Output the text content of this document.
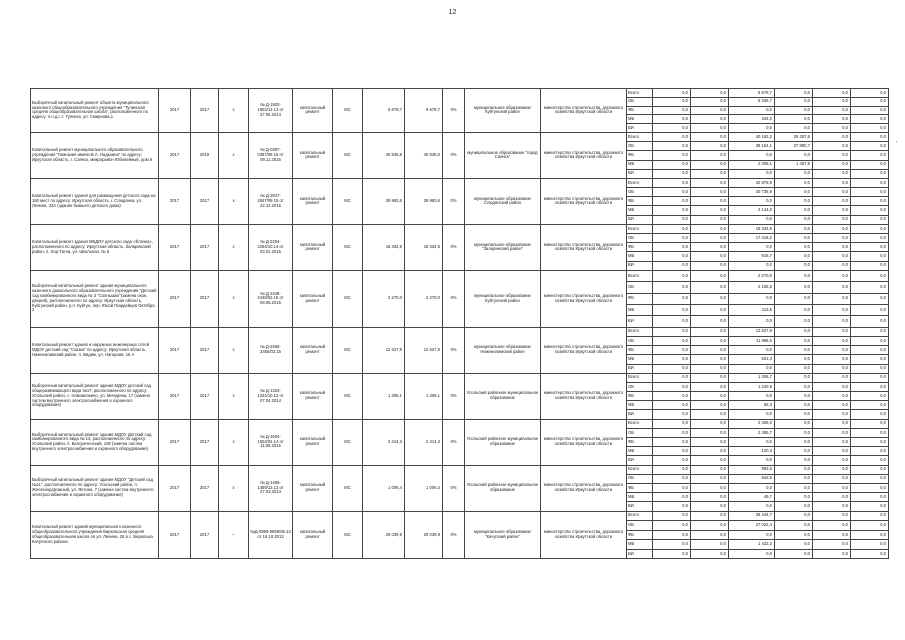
12
Выборочный капитальный ремонт объекта муниципального казенного общеобразовательного учреждения "Тулинская средняя общеобразовательная школа", расположенного по адресу: п.п.д.с.т. Тулинск, ул. Смирнова,1	2017	2017	х	№ Д-1903-1903/12.13 от 27.05.2014	капитальный ремонт	МС	6 679,7	6 679,7	0%	муниципальное образование Куйтунский район	министерство строительства, дорожного хозяйства Иркутской области	Всего	0,0	0,0	6 679,7	0,0	0,0	0,0
												ОБ	0,0	0,0	6 345,7	0,0	0,0	0,0
												ФБ	0,0	0,0	0,0	0,0	0,0	0,0
												МБ	0,0	0,0	334,0	0,0	0,0	0,0
												ВИ	0,0	0,0	0,0	0,0	0,0	0,0
Капитальный ремонт муниципального образовательного учреждения "Гимназия имени В.А. Надькина" по адресу: Иркутская область, г. Саянск, микрорайон Юбилейный, дом 6	2017	2018	х	№ Д-0387-0387/06.16 от 09.11.2016	капитальный ремонт	МС	40 845,8	40 845,0	0%	муниципальное образование "город Саянск"	министерство строительства, дорожного хозяйства Иркутской области	Всего	0,0	0,0	40 162,2	29 257,6	0,0	0,0
												ОБ	0,0	0,0	38 154,1	27 880,7	0,0	0,0
												ФБ	0,0	0,0	0,0	0,0	0,0	0,0
												МБ	0,0	0,0	2 008,1	1 467,9	0,0	0,0
												ВИ	0,0	0,0	0,0	0,0	0,0	0,0
Капитальный ремонт здания для размещения детского сада на 160 мест по адресу: Иркутская область, г. Слюдянка, ул. Ленина, 23А (здание бывшего детского дома)	2017	2017	х	№ Д-2847-2847/09.15 от 22.12.2015	капитальный ремонт	МС	39 983,6	39 983,6	0%	муниципальное образование Слюдянский район	министерство строительства, дорожного хозяйства Иркутской области	Всего	0,0	0,0	42 879,9	0,0	0,0	0,0
												ОБ	0,0	0,0	40 735,9	0,0	0,0	0,0
												ФБ	0,0	0,0	0,0	0,0	0,0	0,0
												МБ	0,0	0,0	2 144,0	0,0	0,0	0,0
												ВИ	0,0	0,0	0,0	0,0	0,0	0,0
Капитальный ремонт здания МБДОУ детского сада «Ёлочка», расположенного по адресу: Иркутская область, Заларинский район, п. Хор-Тагна, ул. Школьная, № 5	2017	2017	х	№ Д-2254-2254/10.14 от 03.02.2015	капитальный ремонт	МС	18 334,9	18 334,9	0%	муниципальное образование "Заларинский район"	министерство строительства, дорожного хозяйства Иркутской области	Всего	0,0	0,0	18 334,9	0,0	0,0	0,0
												ОБ	0,0	0,0	17 418,2	0,0	0,0	0,0
												ФБ	0,0	0,0	0,0	0,0	0,0	0,0
												МБ	0,0	0,0	916,7	0,0	0,0	0,0
												ВИ	0,0	0,0	0,0	0,0	0,0	0,0
Выборочный капитальный ремонт здания муниципального казенного дошкольного образовательного учреждения "Детский сад комбинированного вида № 3 "Солнышко"(замена окон, дверей), расположенного по адресу: Иркутская область, Куйтунский район, р.п. Куйтун, пер. Юной Гвардейцев Октября, 2	2017	2017	х	№ Д-2448-2448/02.15 от 09.06.2015	капитальный ремонт	МС	2 270,0	2 270,0	0%	муниципальное образование Куйтунский район	министерство строительства, дорожного хозяйства Иркутской области	Всего	0,0	0,0	2 270,0	0,0	0,0	0,0
												ОБ	0,0	0,0	2 156,5	0,0	0,0	0,0
												ФБ	0,0	0,0	0,0	0,0	0,0	0,0
												МБ	0,0	0,0	113,5	0,0	0,0	0,0
												ВИ	0,0	0,0	0,0	0,0	0,0	0,0
Капитальный ремонт здания и наружных инженерных сетей МДОУ детский сад "Сказка" по адресу: Иркутская область, Нижнеилимский район, п. Видим, ул. Нагорная, 15 А	2017	2017	х	№ Д-2465-2465/02.15	капитальный ремонт	МС	12 627,9	12 627,9	0%	муниципальное образование Нижнеилимский район	министерство строительства, дорожного хозяйства Иркутской области	Всего	0,0	0,0	12 627,9	0,0	0,0	0,0
												ОБ	0,0	0,0	11 996,5	0,0	0,0	0,0
												ФБ	0,0	0,0	0,0	0,0	0,0	0,0
												МБ	0,0	0,0	631,4	0,0	0,0	0,0
												ВИ	0,0	0,0	0,0	0,0	0,0	0,0
Выборочный капитальный ремонт здания МДОУ детский сад общеразвивающего вида №17, расположенного по адресу: Усольский район, с. Новожилкино, ул. Мичурина, 17 (замена систем внутреннего электроснабжения и охранного оборудования)	2017	2017	х	№ Д-1324-1324/10.13 от 07.04.2014	капитальный ремонт	МС	1 308,1	1 308,1	0%	Усольский районное муниципальное образование	министерство строительства, дорожного хозяйства Иркутской области	Всего	0,0	0,0	1 306,7	0,0	0,0	0,0
												ОБ	0,0	0,0	1 240,9	0,0	0,0	0,0
												ФБ	0,0	0,0	0,0	0,0	0,0	0,0
												МБ	0,0	0,0	65,3	0,0	0,0	0,0
												ВИ	0,0	0,0	0,0	0,0	0,0	0,0
Выборочный капитальный ремонт здания МДОУ Детский сад комбинированного вида № 13, расположенного по адресу: Усольский район, п. Белореченский, 108 (замена систем внутреннего электроснабжения и охранного оборудования)	2017	2017	х	№ Д-1604-1604/02.14 от 11.08.2015	капитальный ремонт	МС	2 414,3	2 414,3	0%	Усольский районное муниципальное образование	министерство строительства, дорожного хозяйства Иркутской области	Всего	0,0	0,0	2 406,0	0,0	0,0	0,0
												ОБ	0,0	0,0	2 285,7	0,0	0,0	0,0
												ФБ	0,0	0,0	0,0	0,0	0,0	0,0
												МБ	0,0	0,0	120,3	0,0	0,0	0,0
												ВИ	0,0	0,0	0,0	0,0	0,0	0,0
Выборочный капитальный ремонт здания МДОУ "Детский сад №11", расположенного по адресу: Усольский район, п. Железнодорожный, ул. Янтина, 7 (замена систем внутреннего электроснабжения и охранного оборудования)	2017	2017	х	№ Д-1459-1459/12.13 от 27.03.2014	капитальный ремонт	МС	1 006,4	1 006,4	0%	Усольский районное муниципальное образование	министерство строительства, дорожного хозяйства Иркутской области	Всего	0,0	0,0	992,6	0,0	0,0	0,0
												ОБ	0,0	0,0	942,9	0,0	0,0	0,0
												ФБ	0,0	0,0	0,0	0,0	0,0	0,0
												МБ	0,0	0,0	49,7	0,0	0,0	0,0
												ВИ	0,0	0,0	0,0	0,0	0,0	0,0
Капитальный ремонт зданий муниципального казенного общеобразовательного учреждения Бирюльская средняя общеобразовательная школа по ул. Ленина, 26 в с. Бирюлька Качугского района.	2017	2017	–	№Д-0959-0959/06.13 от 16.10.2013	капитальный ремонт	МС	29 039,9	29 039,9	0%	муниципальное образование "Качугский район"	министерство строительства, дорожного хозяйства Иркутской области	Всего	0,0	0,0	28 444,7	0,0	0,0	0,0
												ОБ	0,0	0,0	27 022,4	0,0	0,0	0,0
												ФБ	0,0	0,0	0,0	0,0	0,0	0,0
												МБ	0,0	0,0	1 422,3	0,0	0,0	0,0
												ВИ	0,0	0,0	0,0	0,0	0,0	0,0
'
